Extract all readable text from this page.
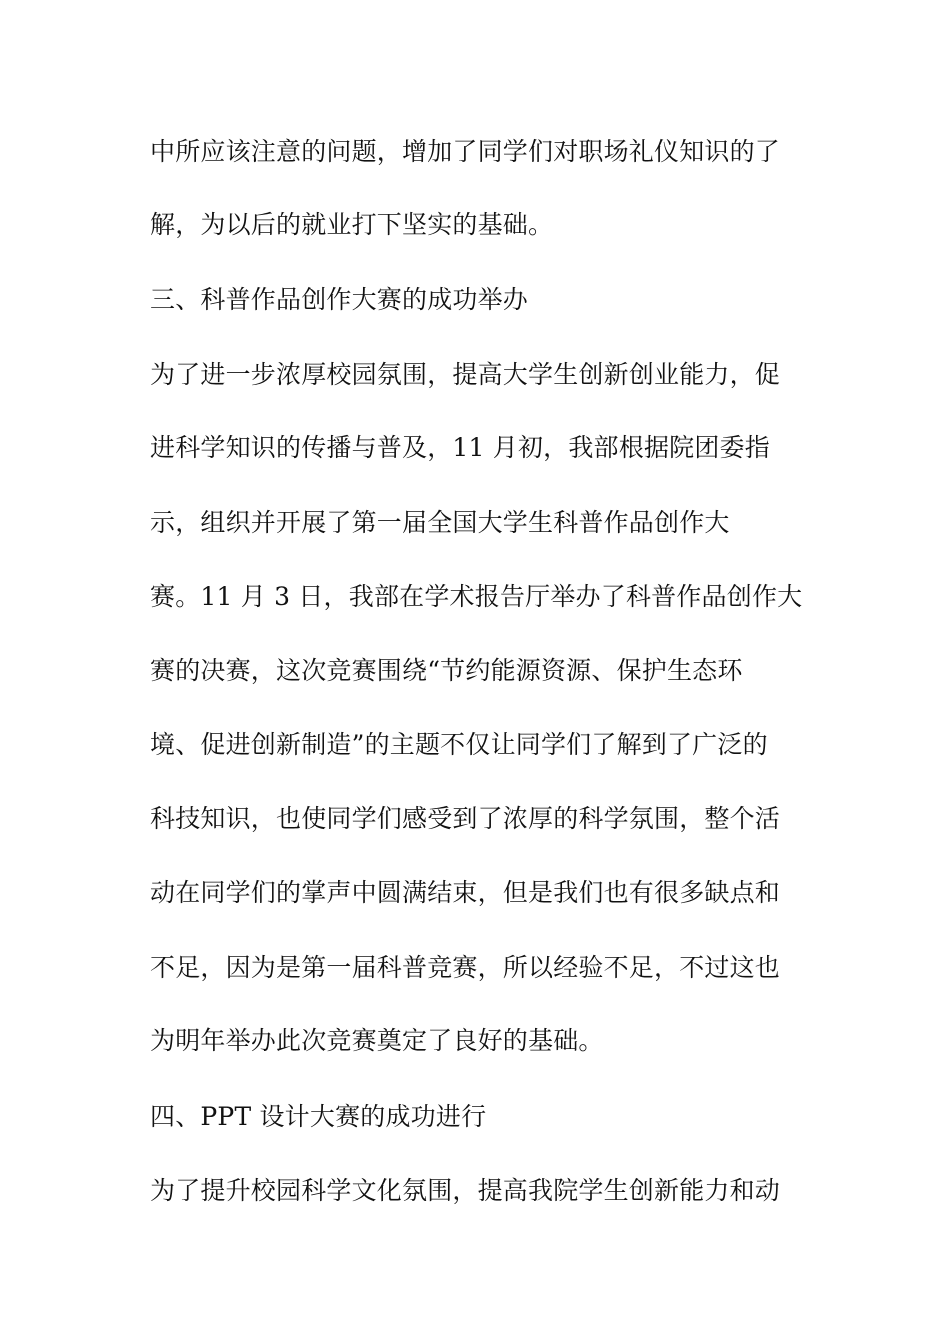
中所应该注意的问题，增加了同学们对职场礼仪知识的了
解，为以后的就业打下坚实的基础。
三、科普作品创作大赛的成功举办
为了进一步浓厚校园氛围，提高大学生创新创业能力，促
进科学知识的传播与普及，11 月初，我部根据院团委指
示，组织并开展了第一届全国大学生科普作品创作大
赛。11 月 3 日，我部在学术报告厅举办了科普作品创作大
赛的决赛，这次竞赛围绕“节约能源资源、保护生态环
境、促进创新制造”的主题不仅让同学们了解到了广泛的
科技知识，也使同学们感受到了浓厚的科学氛围，整个活
动在同学们的掌声中圆满结束，但是我们也有很多缺点和
不足，因为是第一届科普竞赛，所以经验不足，不过这也
为明年举办此次竞赛奠定了良好的基础。
四、PPT 设计大赛的成功进行
为了提升校园科学文化氛围，提高我院学生创新能力和动
